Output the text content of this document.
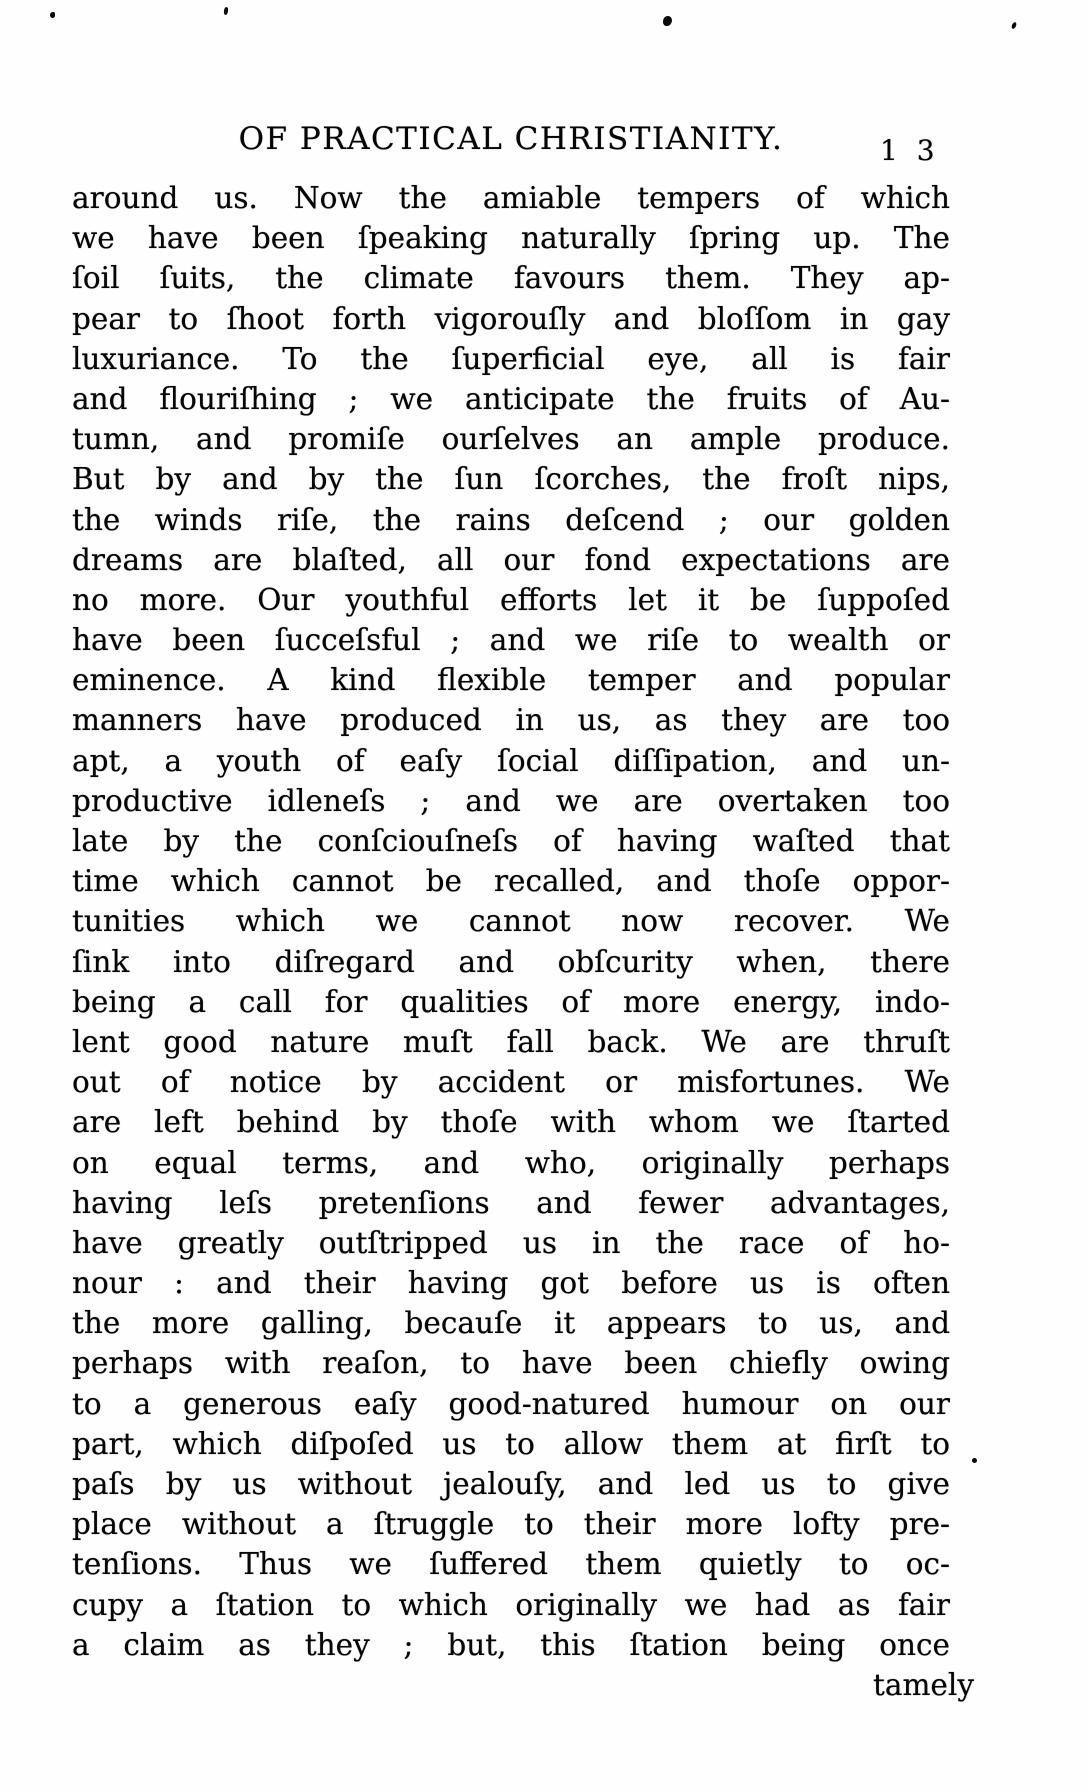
OF PRACTICAL CHRISTIANITY.	1 3
around us. Now the amiable tempers of which
we have been ſpeaking naturally ſpring up. The
ſoil ſuits, the climate favours them. They ap-
pear to ſhoot forth vigorouſly and bloſſom in gay
luxuriance. To the ſuperficial eye, all is fair
and flouriſhing ; we anticipate the fruits of Au-
tumn, and promiſe ourſelves an ample produce.
But by and by the ſun ſcorches, the froſt nips,
the winds riſe, the rains deſcend ; our golden
dreams are blaſted, all our fond expectations are
no more. Our youthful efforts let it be ſuppoſed
have been ſucceſsful ; and we riſe to wealth or
eminence. A kind flexible temper and popular
manners have produced in us, as they are too
apt, a youth of eaſy ſocial diſſipation, and un-
productive idleneſs ; and we are overtaken too
late by the conſciouſneſs of having waſted that
time which cannot be recalled, and thoſe oppor-
tunities which we cannot now recover. We
ſink into diſregard and obſcurity when, there
being a call for qualities of more energy, indo-
lent good nature muſt fall back. We are thruſt
out of notice by accident or misfortunes. We
are left behind by thoſe with whom we ſtarted
on equal terms, and who, originally perhaps
having leſs pretenſions and fewer advantages,
have greatly outſtripped us in the race of ho-
nour : and their having got before us is often
the more galling, becauſe it appears to us, and
perhaps with reaſon, to have been chiefly owing
to a generous eaſy good-natured humour on our
part, which diſpoſed us to allow them at firſt to
paſs by us without jealouſy, and led us to give
place without a ſtruggle to their more lofty pre-
tenſions. Thus we ſuffered them quietly to oc-
cupy a ſtation to which originally we had as fair
a claim as they ; but, this ſtation being once
tamely
